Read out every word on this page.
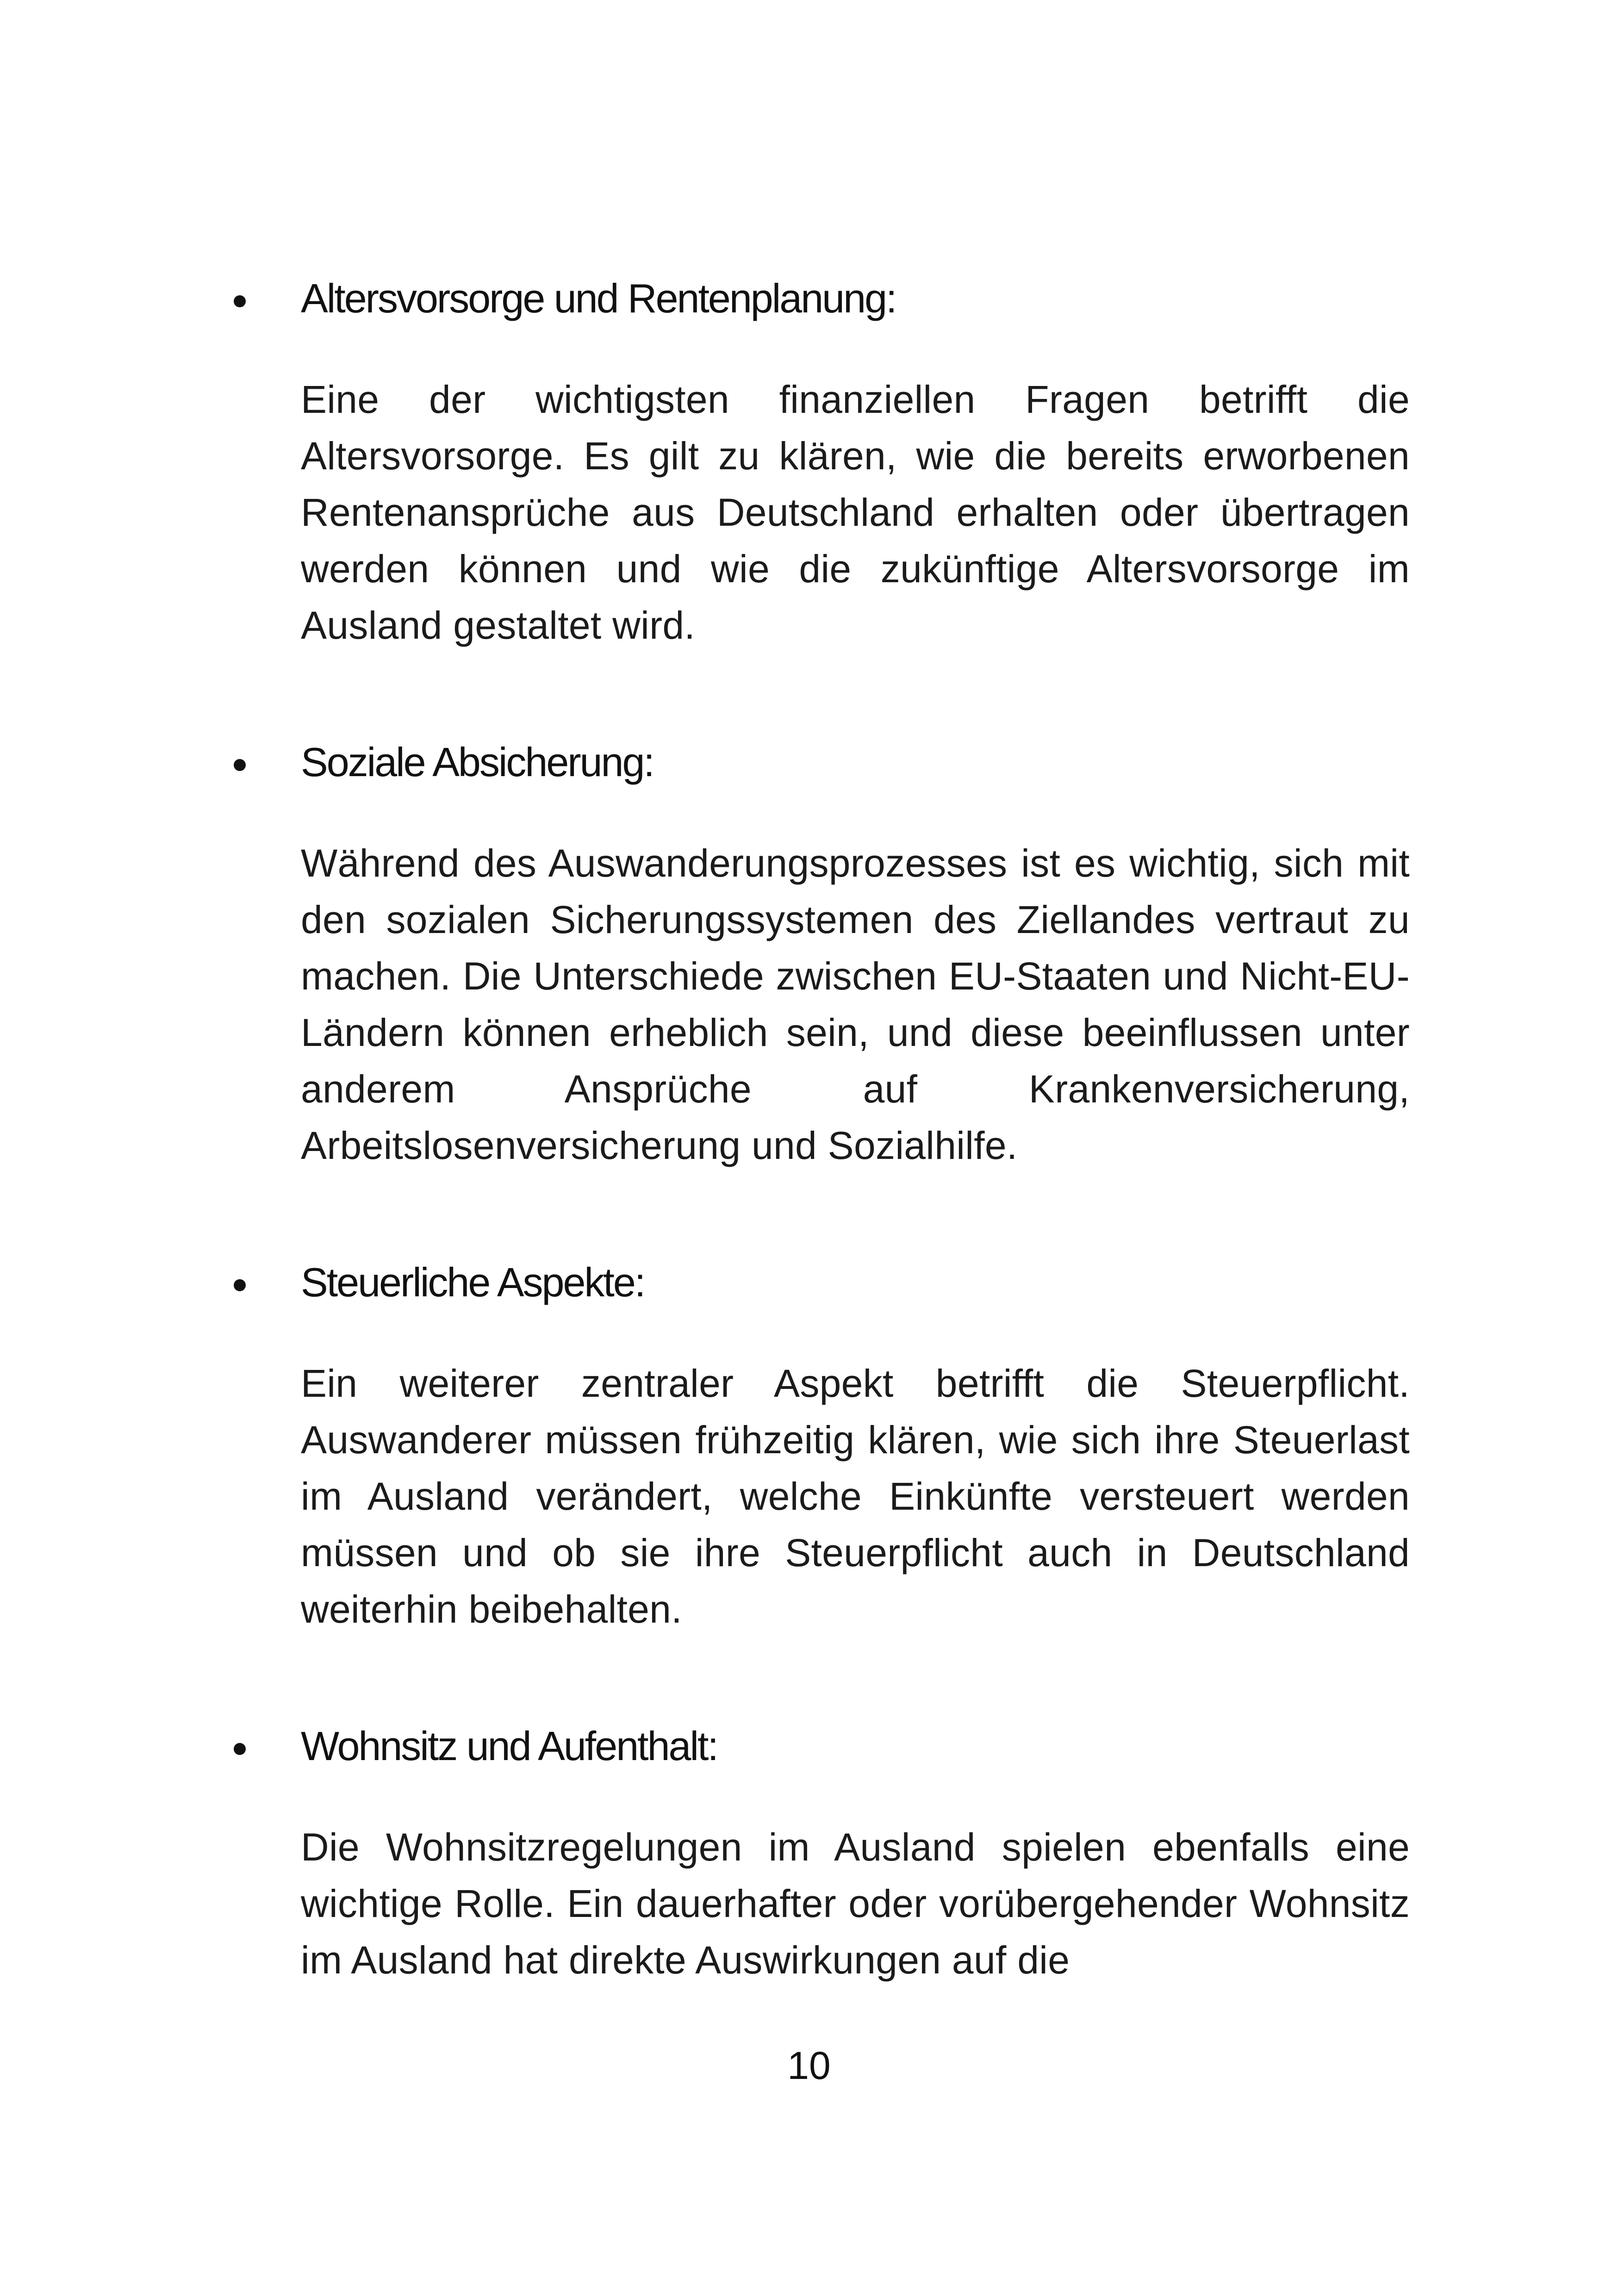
Altersvorsorge und Rentenplanung:
Eine der wichtigsten finanziellen Fragen betrifft die Altersvorsorge. Es gilt zu klären, wie die bereits erworbenen Rentenansprüche aus Deutschland erhalten oder übertragen werden können und wie die zukünftige Altersvorsorge im Ausland gestaltet wird.
Soziale Absicherung:
Während des Auswanderungsprozesses ist es wichtig, sich mit den sozialen Sicherungssystemen des Ziellandes vertraut zu machen. Die Unterschiede zwischen EU-Staaten und Nicht-EU-Ländern können erheblich sein, und diese beeinflussen unter anderem Ansprüche auf Krankenversicherung, Arbeitslosenversicherung und Sozialhilfe.
Steuerliche Aspekte:
Ein weiterer zentraler Aspekt betrifft die Steuerpflicht. Auswanderer müssen frühzeitig klären, wie sich ihre Steuerlast im Ausland verändert, welche Einkünfte versteuert werden müssen und ob sie ihre Steuerpflicht auch in Deutschland weiterhin beibehalten.
Wohnsitz und Aufenthalt:
Die Wohnsitzregelungen im Ausland spielen ebenfalls eine wichtige Rolle. Ein dauerhafter oder vorübergehender Wohnsitz im Ausland hat direkte Auswirkungen auf die
10
